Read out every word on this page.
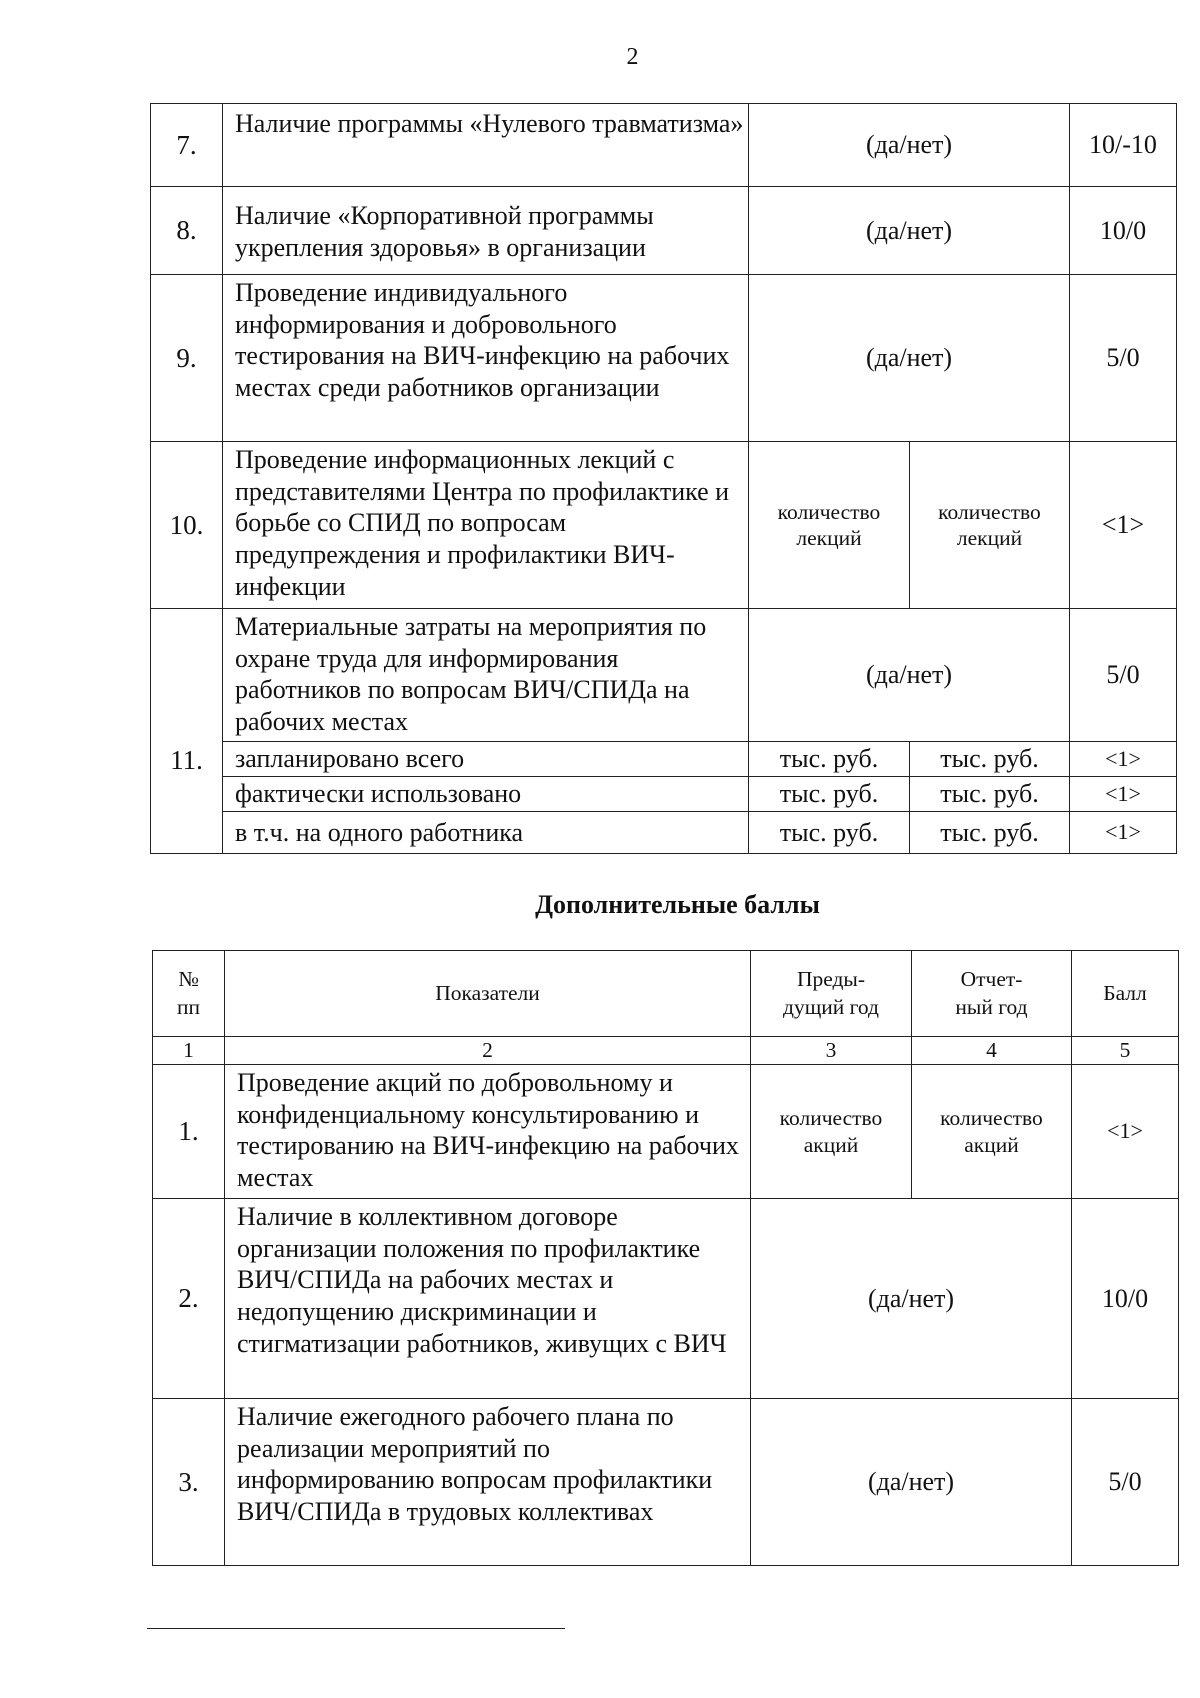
2
7.	Наличие программы «Нулевого травматизма»	(да/нет)		10/-10
8.	Наличие «Корпоративной программы укрепления здоровья» в организации	(да/нет)		10/0
9.	Проведение индивидуального информирования и добровольного тестирования на ВИЧ-инфекцию на рабочих местах среди работников организации	(да/нет)		5/0
10.	Проведение информационных лекций с представителями Центра по профилактике и борьбе со СПИД по вопросам предупреждения и профилактики ВИЧ-инфекции	количество лекций	количество лекций	<1>
11.	Материальные затраты на мероприятия по охране труда для информирования работников по вопросам ВИЧ/СПИДа на рабочих местах	(да/нет)		5/0
	запланировано всего	тыс. руб.	тыс. руб.	<1>
	фактически использовано	тыс. руб.	тыс. руб.	<1>
	в т.ч. на одного работника	тыс. руб.	тыс. руб.	<1>
Дополнительные баллы
№ пп	Показатели	Преды- дущий год	Отчет- ный год	Балл
1	2	3	4	5
1.	Проведение акций по добровольному и конфиденциальному консультированию и тестированию на ВИЧ-инфекцию на рабочих местах	количество акций	количество акций	<1>
2.	Наличие в коллективном договоре организации положения по профилактике ВИЧ/СПИДа на рабочих местах и недопущению дискриминации и стигматизации работников, живущих с ВИЧ	(да/нет)		10/0
3.	Наличие ежегодного рабочего плана по реализации мероприятий по информированию вопросам профилактики ВИЧ/СПИДа в трудовых коллективах	(да/нет)		5/0
